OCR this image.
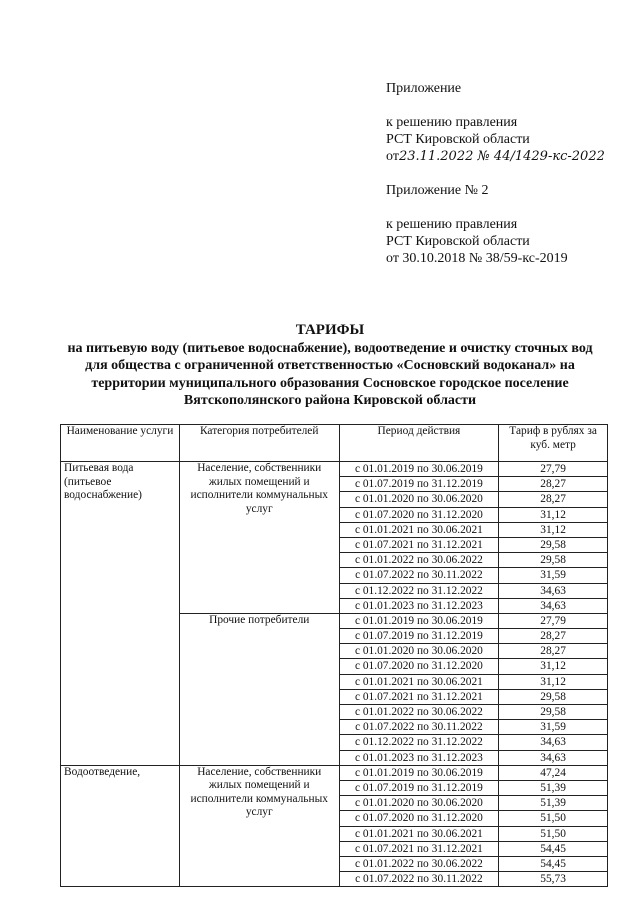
Приложение

к решению правления

РСТ Кировской области

от23.11.2022 № 44/1429-кс-2022

Приложение № 2

к решению правления

РСТ Кировской области

от 30.10.2018 № 38/59-кс-2019

ТАРИФЫ
на питьевую воду (питьевое водоснабжение), водоотведение и очистку сточных вод для общества с ограниченной ответственностью «Сосновский водоканал» на территории муниципального образования Сосновское городское поселение Вятскополянского района Кировской области
Наименование услуги	Категория потребителей	Период действия	Тариф в рублях за куб. метр
Питьевая вода (питьевое водоснабжение)	Население, собственники жилых помещений и исполнители коммунальных услуг	с 01.01.2019 по 30.06.2019	27,79
		с 01.07.2019 по 31.12.2019	28,27
		с 01.01.2020 по 30.06.2020	28,27
		с 01.07.2020 по 31.12.2020	31,12
		с 01.01.2021 по 30.06.2021	31,12
		с 01.07.2021 по 31.12.2021	29,58
		с 01.01.2022 по 30.06.2022	29,58
		с 01.07.2022 по 30.11.2022	31,59
		с 01.12.2022 по 31.12.2022	34,63
		с 01.01.2023 по 31.12.2023	34,63
	Прочие потребители	с 01.01.2019 по 30.06.2019	27,79
		с 01.07.2019 по 31.12.2019	28,27
		с 01.01.2020 по 30.06.2020	28,27
		с 01.07.2020 по 31.12.2020	31,12
		с 01.01.2021 по 30.06.2021	31,12
		с 01.07.2021 по 31.12.2021	29,58
		с 01.01.2022 по 30.06.2022	29,58
		с 01.07.2022 по 30.11.2022	31,59
		с 01.12.2022 по 31.12.2022	34,63
		с 01.01.2023 по 31.12.2023	34,63
Водоотведение,	Население, собственники жилых помещений и исполнители коммунальных услуг	с 01.01.2019 по 30.06.2019	47,24
		с 01.07.2019 по 31.12.2019	51,39
		с 01.01.2020 по 30.06.2020	51,39
		с 01.07.2020 по 31.12.2020	51,50
		с 01.01.2021 по 30.06.2021	51,50
		с 01.07.2021 по 31.12.2021	54,45
		с 01.01.2022 по 30.06.2022	54,45
		с 01.07.2022 по 30.11.2022	55,73
